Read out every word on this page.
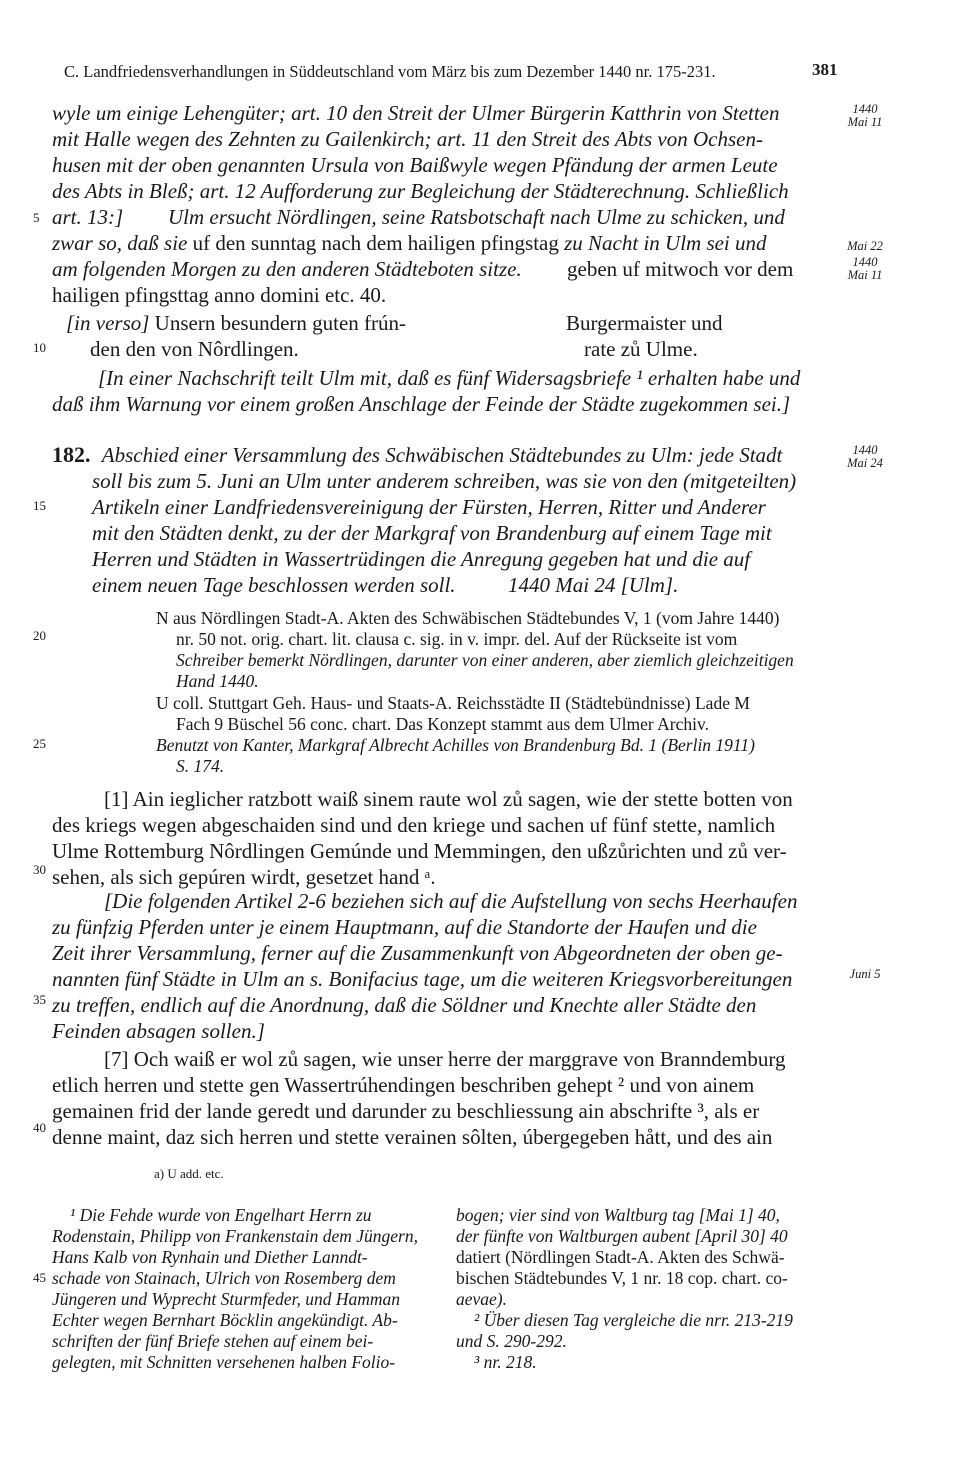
C. Landfriedensverhandlungen in Süddeutschland vom März bis zum Dezember 1440 nr. 175-231.	381
5
10
15
20
25
30
35
40
45
1440
Mai 11
Mai 22
1440
Mai 11
1440
Mai 24
Juni 5
wyle um einige Lehengüter; art. 10 den Streit der Ulmer Bürgerin Katthrin von Stetten
mit Halle wegen des Zehnten zu Gailenkirch; art. 11 den Streit des Abts von Ochsen-
husen mit der oben genannten Ursula von Baißwyle wegen Pfändung der armen Leute
des Abts in Bleß; art. 12 Aufforderung zur Begleichung der Städterechnung. Schließlich
art. 13:] Ulm ersucht Nördlingen, seine Ratsbotschaft nach Ulme zu schicken, und
zwar so, daß sie uf den sunntag nach dem hailigen pfingstag zu Nacht in Ulm sei und
am folgenden Morgen zu den anderen Städteboten sitze. geben uf mitwoch vor dem
hailigen pfingsttag anno domini etc. 40.
[in verso] Unsern besundern guten frún-
den den von Nôrdlingen.
Burgermaister und
rate zů Ulme.
[In einer Nachschrift teilt Ulm mit, daß es fünf Widersagsbriefe ¹ erhalten habe und
daß ihm Warnung vor einem großen Anschlage der Feinde der Städte zugekommen sei.]
182. Abschied einer Versammlung des Schwäbischen Städtebundes zu Ulm: jede Stadt
soll bis zum 5. Juni an Ulm unter anderem schreiben, was sie von den (mitgeteilten)
Artikeln einer Landfriedensvereinigung der Fürsten, Herren, Ritter und Anderer
mit den Städten denkt, zu der der Markgraf von Brandenburg auf einem Tage mit
Herren und Städten in Wassertrüdingen die Anregung gegeben hat und die auf
einem neuen Tage beschlossen werden soll. 1440 Mai 24 [Ulm].
N aus Nördlingen Stadt-A. Akten des Schwäbischen Städtebundes V, 1 (vom Jahre 1440)
nr. 50 not. orig. chart. lit. clausa c. sig. in v. impr. del. Auf der Rückseite ist vom
Schreiber bemerkt Nördlingen, darunter von einer anderen, aber ziemlich gleichzeitigen
Hand 1440.
U coll. Stuttgart Geh. Haus- und Staats-A. Reichsstädte II (Städtebündnisse) Lade M
Fach 9 Büschel 56 conc. chart. Das Konzept stammt aus dem Ulmer Archiv.
Benutzt von Kanter, Markgraf Albrecht Achilles von Brandenburg Bd. 1 (Berlin 1911)
S. 174.
[1] Ain ieglicher ratzbott waiß sinem raute wol zů sagen, wie der stette botten von
des kriegs wegen abgeschaiden sind und den kriege und sachen uf fünf stette, namlich
Ulme Rottemburg Nôrdlingen Gemúnde und Memmingen, den ußzůrichten und zů ver-
sehen, als sich gepúren wirdt, gesetzet hand ᵃ.
[Die folgenden Artikel 2-6 beziehen sich auf die Aufstellung von sechs Heerhaufen
zu fünfzig Pferden unter je einem Hauptmann, auf die Standorte der Haufen und die
Zeit ihrer Versammlung, ferner auf die Zusammenkunft von Abgeordneten der oben ge-
nannten fünf Städte in Ulm an s. Bonifacius tage, um die weiteren Kriegsvorbereitungen
zu treffen, endlich auf die Anordnung, daß die Söldner und Knechte aller Städte den
Feinden absagen sollen.]
[7] Och waiß er wol zů sagen, wie unser herre der marggrave von Branndemburg
etlich herren und stette gen Wassertrúhendingen beschriben gehept ² und von ainem
gemainen frid der lande geredt und darunder zu beschliessung ain abschrifte ³, als er
denne maint, daz sich herren und stette verainen sôlten, úbergegeben hått, und des ain
a) U add. etc.
¹ Die Fehde wurde von Engelhart Herrn zu
Rodenstain, Philipp von Frankenstain dem Jüngern,
Hans Kalb von Rynhain und Diether Lanndt-
schade von Stainach, Ulrich von Rosemberg dem
Jüngeren und Wyprecht Sturmfeder, und Hamman
Echter wegen Bernhart Böcklin angekündigt. Ab-
schriften der fünf Briefe stehen auf einem bei-
gelegten, mit Schnitten versehenen halben Folio-
bogen; vier sind von Waltburg tag [Mai 1] 40,
der fünfte von Waltburgen aubent [April 30] 40
datiert (Nördlingen Stadt-A. Akten des Schwä-
bischen Städtebundes V, 1 nr. 18 cop. chart. co-
aevae).
² Über diesen Tag vergleiche die nrr. 213-219
und S. 290-292.
³ nr. 218.
